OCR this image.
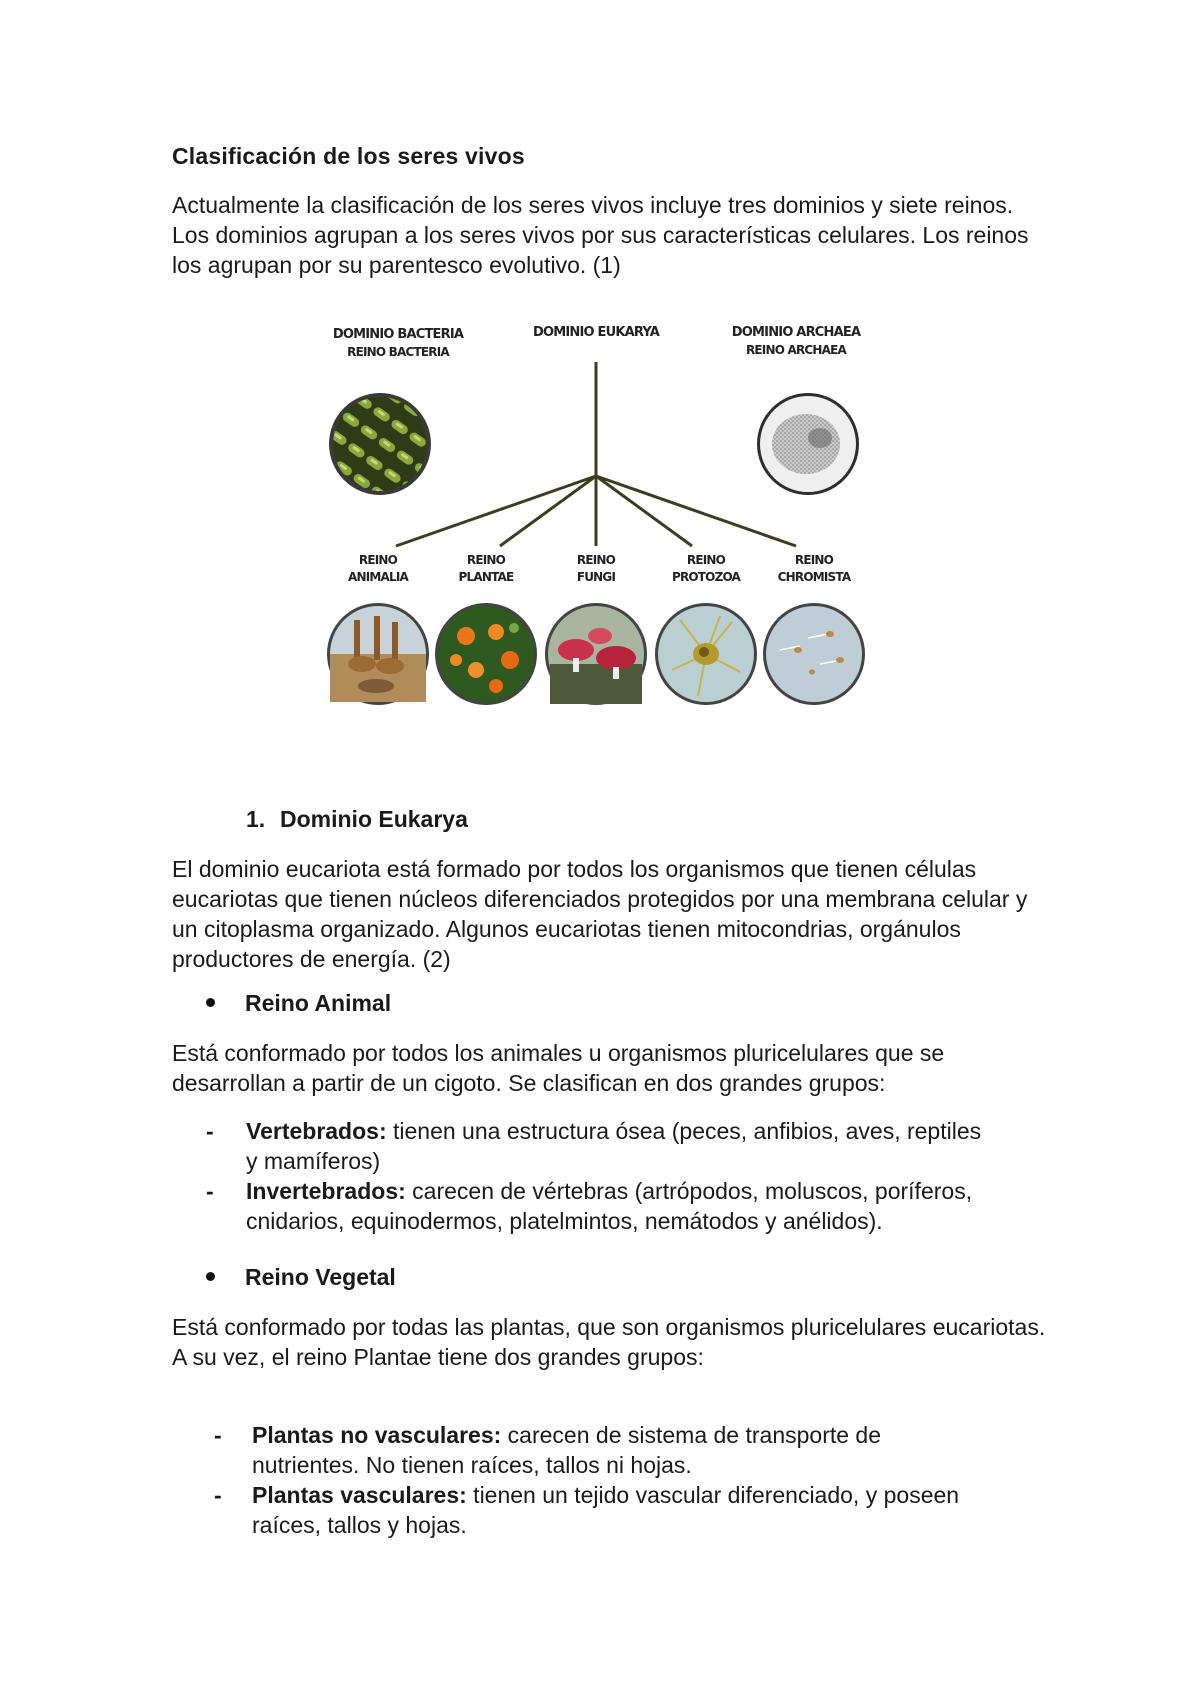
Clasificación de los seres vivos
Actualmente la clasificación de los seres vivos incluye tres dominios y siete reinos. Los dominios agrupan a los seres vivos por sus características celulares. Los reinos los agrupan por su parentesco evolutivo. (1)
DOMINIO BACTERIA
REINO BACTERIA
DOMINIO EUKARYA	DOMINIO ARCHAEA
REINO ARCHAEA
REINO
ANIMALIA
REINO
PLANTAE
REINO
FUNGI
REINO
PROTOZOA
REINO
CHROMISTA
1. Dominio Eukarya
El dominio eucariota está formado por todos los organismos que tienen células eucariotas que tienen núcleos diferenciados protegidos por una membrana celular y un citoplasma organizado. Algunos eucariotas tienen mitocondrias, orgánulos productores de energía. (2)
Reino Animal
Está conformado por todos los animales u organismos pluricelulares que se desarrollan a partir de un cigoto. Se clasifican en dos grandes grupos:
- Vertebrados: tienen una estructura ósea (peces, anfibios, aves, reptiles
y mamíferos)
- Invertebrados: carecen de vértebras (artrópodos, moluscos, poríferos,
cnidarios, equinodermos, platelmintos, nemátodos y anélidos).
Reino Vegetal
Está conformado por todas las plantas, que son organismos pluricelulares eucariotas. A su vez, el reino Plantae tiene dos grandes grupos:
- Plantas no vasculares: carecen de sistema de transporte de
nutrientes. No tienen raíces, tallos ni hojas.
- Plantas vasculares: tienen un tejido vascular diferenciado, y poseen
raíces, tallos y hojas.
